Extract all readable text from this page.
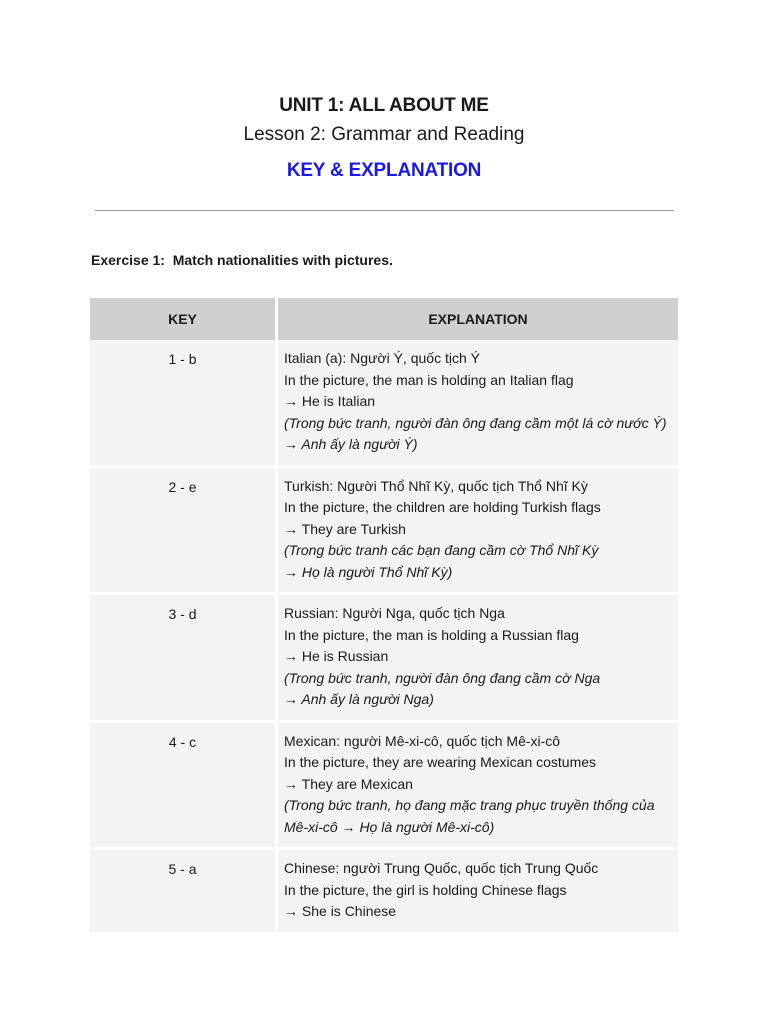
UNIT 1: ALL ABOUT ME
Lesson 2: Grammar and Reading
KEY & EXPLANATION
Exercise 1:  Match nationalities with pictures.
KEY	EXPLANATION
1 - b	Italian (a): Người Ý, quốc tịch Ý
In the picture, the man is holding an Italian flag
→ He is Italian
(Trong bức tranh, người đàn ông đang cầm một lá cờ nước Ý)
→ Anh ấy là người Ý)

2 - e	Turkish: Người Thổ Nhĩ Kỳ, quốc tịch Thổ Nhĩ Kỳ
In the picture, the children are holding Turkish flags
→ They are Turkish
(Trong bức tranh các bạn đang cầm cờ Thổ Nhĩ Kỳ
→ Họ là người Thổ Nhĩ Kỳ)

3 - d	Russian: Người Nga, quốc tịch Nga
In the picture, the man is holding a Russian flag
→ He is Russian
(Trong bức tranh, người đàn ông đang cầm cờ Nga
→ Anh ấy là người Nga)

4 - c	Mexican: người Mê-xi-cô, quốc tịch Mê-xi-cô
In the picture, they are wearing Mexican costumes
→ They are Mexican
(Trong bức tranh, họ đang mặc trang phục truyền thống của Mê-xi-cô → Họ là người Mê-xi-cô)

5 - a	Chinese: người Trung Quốc, quốc tịch Trung Quốc
In the picture, the girl is holding Chinese flags
→ She is Chinese
